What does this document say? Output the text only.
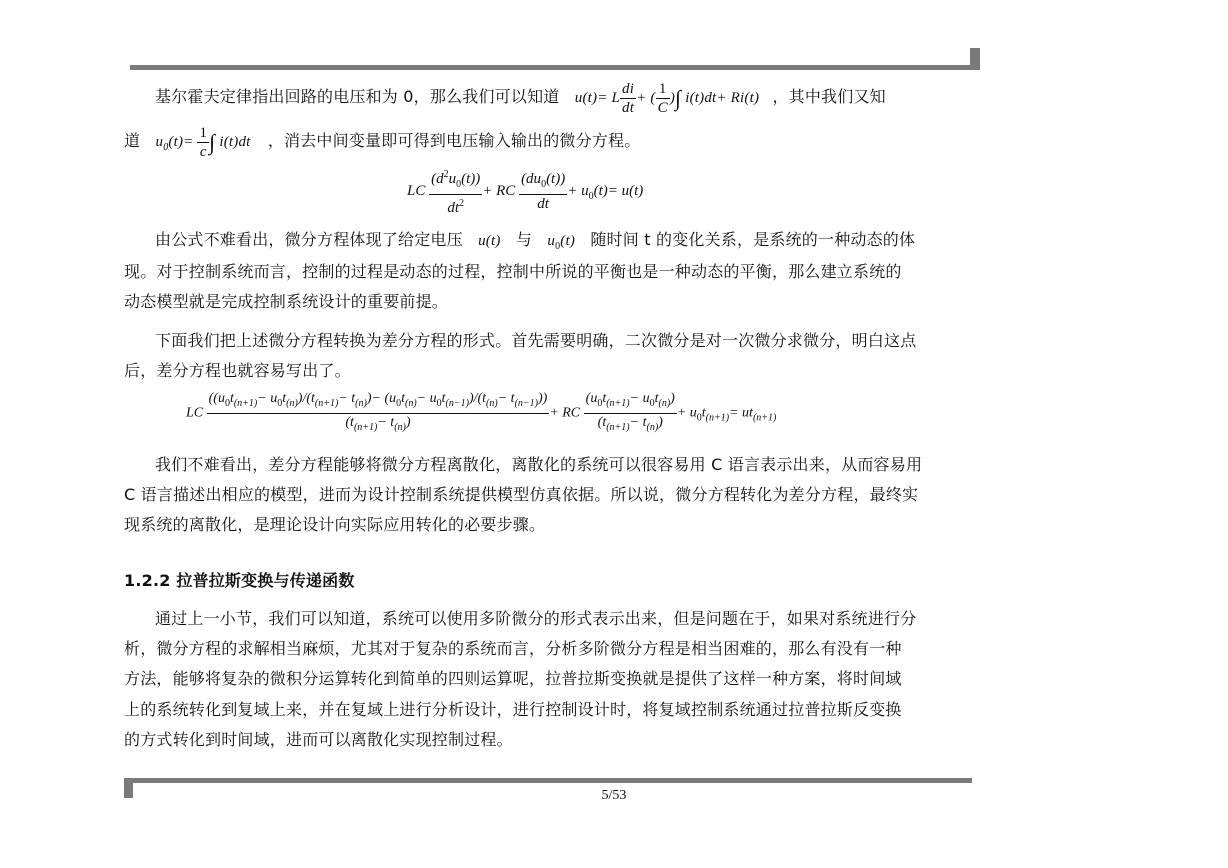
基尔霍夫定律指出回路的电压和为 0，那么我们可以知道 u(t)= L $\frac{di}{dt}$ + ( $\frac{1}{C}$ )∫ i(t)dt+ Ri(t) ，其中我们又知
道 $u_0(t)= \frac{1}{c}$ ∫ i(t)dt ，消去中间变量即可得到电压输入输出的微分方程。
LC $\frac{(d^2u_0(t))}{dt^2}$ + RC $\frac{(du_0(t))}{dt} + u_0(t)= u(t)$
由公式不难看出，微分方程体现了给定电压 u(t) 与 $u_0(t)$ 随时间 t 的变化关系，是系统的一种动态的体
现。对于控制系统而言，控制的过程是动态的过程，控制中所说的平衡也是一种动态的平衡，那么建立系统的
动态模型就是完成控制系统设计的重要前提。
下面我们把上述微分方程转换为差分方程的形式。首先需要明确，二次微分是对一次微分求微分，明白这点
后，差分方程也就容易写出了。
LC
$((u_0t_{(n+1)}- u_0t_{(n)})/(t_{(n+1)}- t_{(n)})- (u_0t_{(n)}- u_0t_{(n-1)})/(t_{(n)}- t_{(n-1)}))$
$(t_{(n+1)}- t_{(n)})$
+ RC $\frac{(u_0t_{(n+1)}- u_0t_{(n)})}{(t_{(n+1)}- t_{(n)})} + u_0t_{(n+1)}= ut_{(n+1)}$
我们不难看出，差分方程能够将微分方程离散化，离散化的系统可以很容易用 C 语言表示出来，从而容易用
C 语言描述出相应的模型，进而为设计控制系统提供模型仿真依据。所以说，微分方程转化为差分方程，最终实
现系统的离散化，是理论设计向实际应用转化的必要步骤。
1.2.2 拉普拉斯变换与传递函数
通过上一小节，我们可以知道，系统可以使用多阶微分的形式表示出来，但是问题在于，如果对系统进行分
析，微分方程的求解相当麻烦，尤其对于复杂的系统而言，分析多阶微分方程是相当困难的，那么有没有一种
方法，能够将复杂的微积分运算转化到简单的四则运算呢，拉普拉斯变换就是提供了这样一种方案，将时间域
上的系统转化到复域上来，并在复域上进行分析设计，进行控制设计时，将复域控制系统通过拉普拉斯反变换
的方式转化到时间域，进而可以离散化实现控制过程。
5/53
